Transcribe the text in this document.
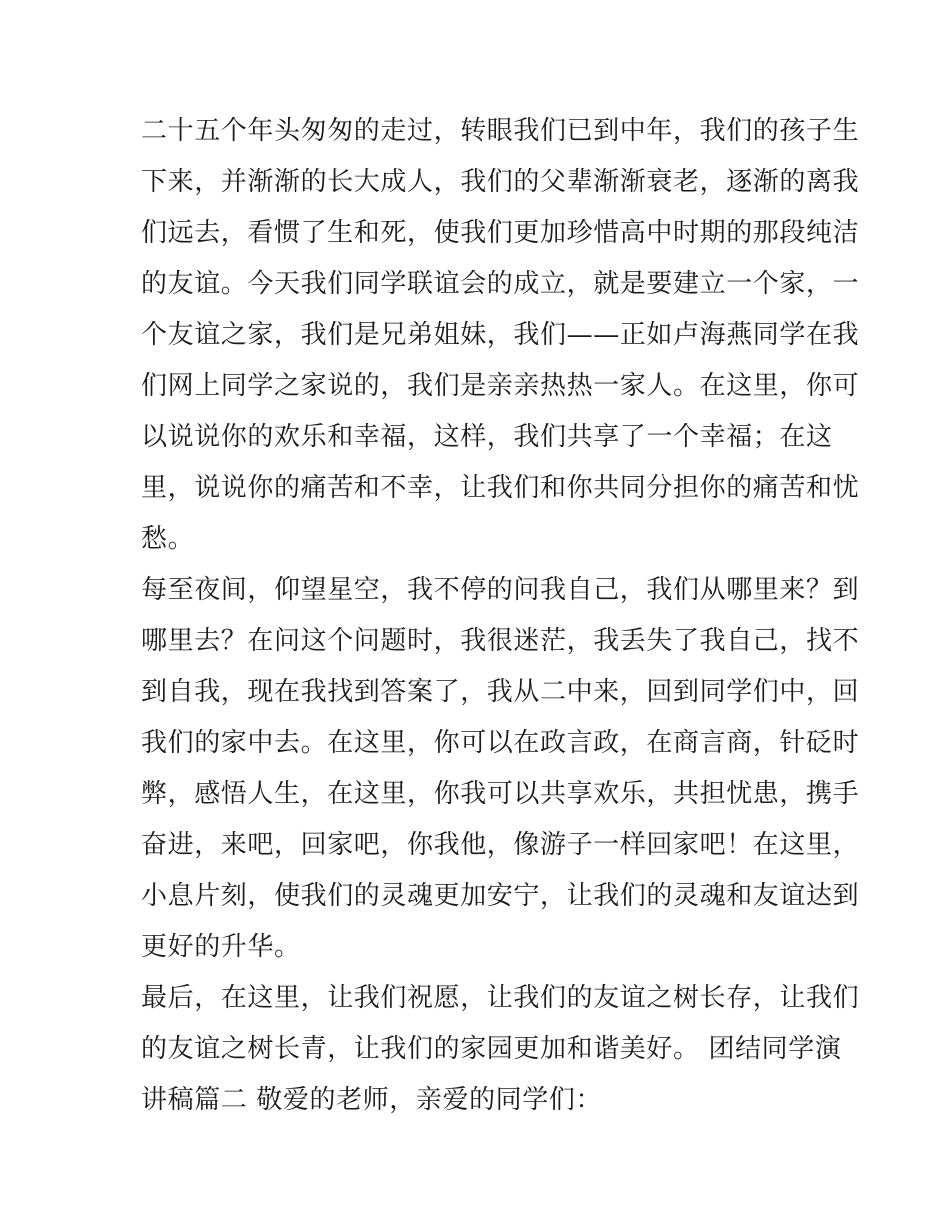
二十五个年头匆匆的走过，转眼我们已到中年，我们的孩子生
下来，并渐渐的长大成人，我们的父辈渐渐衰老，逐渐的离我
们远去，看惯了生和死，使我们更加珍惜高中时期的那段纯洁
的友谊。今天我们同学联谊会的成立，就是要建立一个家，一
个友谊之家，我们是兄弟姐妹，我们——正如卢海燕同学在我
们网上同学之家说的，我们是亲亲热热一家人。在这里，你可
以说说你的欢乐和幸福，这样，我们共享了一个幸福；在这
里，说说你的痛苦和不幸，让我们和你共同分担你的痛苦和忧
愁。
每至夜间，仰望星空，我不停的问我自己，我们从哪里来？到
哪里去？在问这个问题时，我很迷茫，我丢失了我自己，找不
到自我，现在我找到答案了，我从二中来，回到同学们中，回
我们的家中去。在这里，你可以在政言政，在商言商，针砭时
弊，感悟人生，在这里，你我可以共享欢乐，共担忧患，携手
奋进，来吧，回家吧，你我他，像游子一样回家吧！在这里，
小息片刻，使我们的灵魂更加安宁，让我们的灵魂和友谊达到
更好的升华。
最后，在这里，让我们祝愿，让我们的友谊之树长存，让我们
的友谊之树长青，让我们的家园更加和谐美好。 团结同学演
讲稿篇二 敬爱的老师，亲爱的同学们：
